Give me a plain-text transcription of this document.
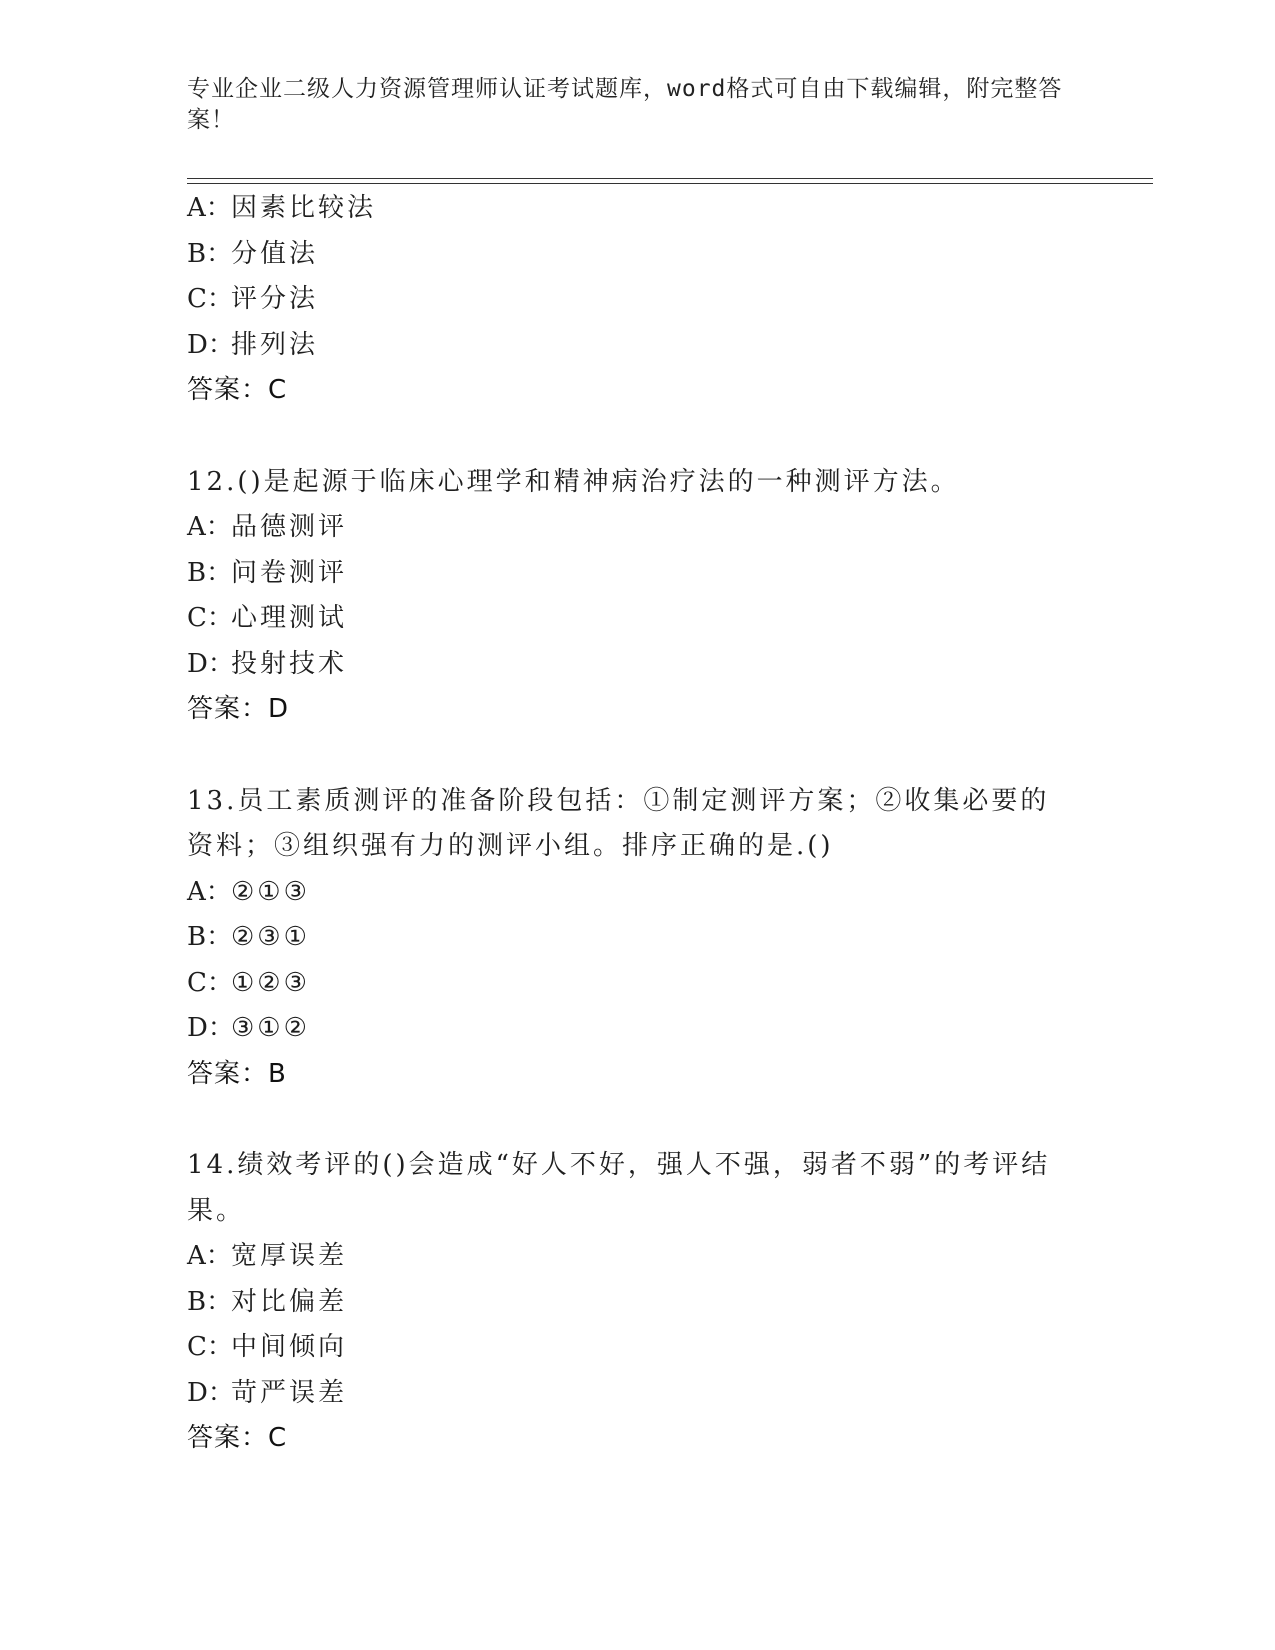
专业企业二级人力资源管理师认证考试题库，word格式可自由下载编辑，附完整答案！
A：因素比较法
B：分值法
C：评分法
D：排列法
答案：C
12.()是起源于临床心理学和精神病治疗法的一种测评方法。
A：品德测评
B：问卷测评
C：心理测试
D：投射技术
答案：D
13.员工素质测评的准备阶段包括：①制定测评方案；②收集必要的资料；③组织强有力的测评小组。排序正确的是.()
A：②①③
B：②③①
C：①②③
D：③①②
答案：B
14.绩效考评的()会造成“好人不好，强人不强，弱者不弱”的考评结果。
A：宽厚误差
B：对比偏差
C：中间倾向
D：苛严误差
答案：C
